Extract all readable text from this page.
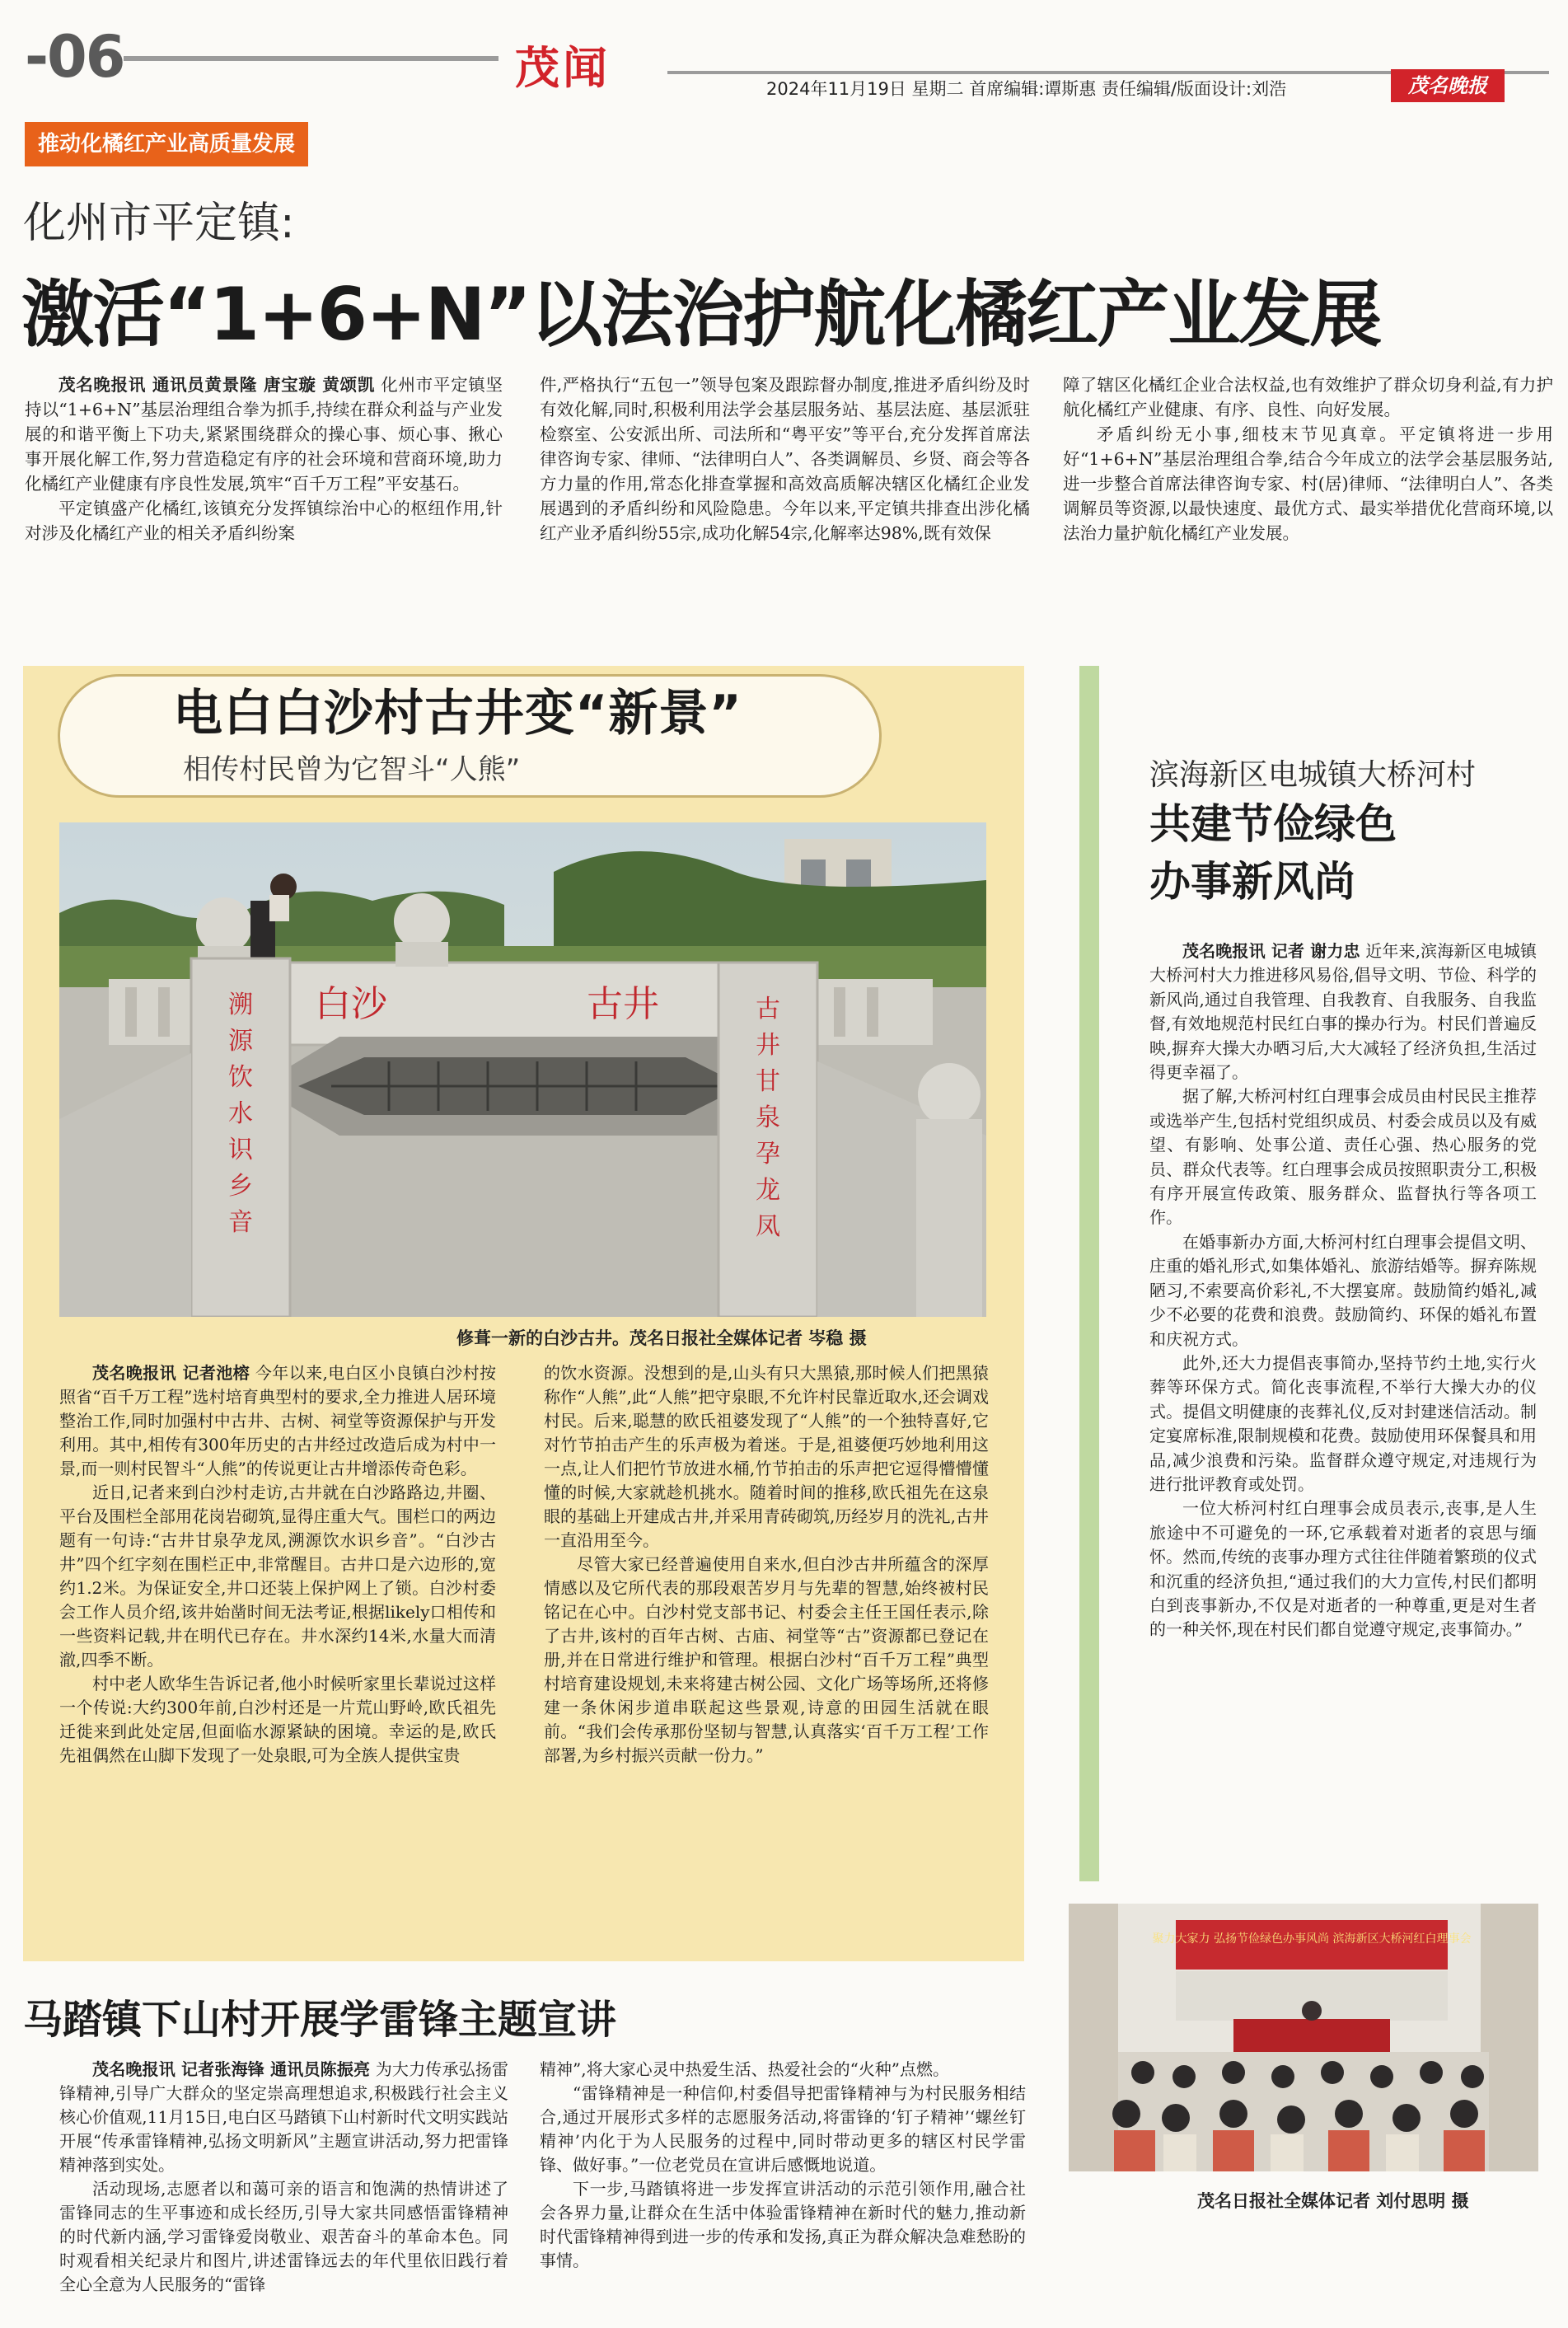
-06	茂闻	2024年11月19日 星期二 首席编辑:谭斯惠 责任编辑/版面设计:刘浩	茂名晚报
推动化橘红产业高质量发展
化州市平定镇:
激活“1+6+N”以法治护航化橘红产业发展

茂名晚报讯 通讯员黄景隆 唐宝璇 黄颂凯 化州市平定镇坚持以“1+6+N”基层治理组合拳为抓手,持续在群众利益与产业发展的和谐平衡上下功夫,紧紧围绕群众的操心事、烦心事、揪心事开展化解工作,努力营造稳定有序的社会环境和营商环境,助力化橘红产业健康有序良性发展,筑牢“百千万工程”平安基石。

平定镇盛产化橘红,该镇充分发挥镇综治中心的枢纽作用,针对涉及化橘红产业的相关矛盾纠纷案

件,严格执行“五包一”领导包案及跟踪督办制度,推进矛盾纠纷及时有效化解,同时,积极利用法学会基层服务站、基层法庭、基层派驻检察室、公安派出所、司法所和“粤平安”等平台,充分发挥首席法律咨询专家、律师、“法律明白人”、各类调解员、乡贤、商会等各方力量的作用,常态化排查掌握和高效高质解决辖区化橘红企业发展遇到的矛盾纠纷和风险隐患。今年以来,平定镇共排查出涉化橘红产业矛盾纠纷55宗,成功化解54宗,化解率达98%,既有效保

障了辖区化橘红企业合法权益,也有效维护了群众切身利益,有力护航化橘红产业健康、有序、良性、向好发展。

矛盾纠纷无小事,细枝末节见真章。平定镇将进一步用好“1+6+N”基层治理组合拳,结合今年成立的法学会基层服务站,进一步整合首席法律咨询专家、村(居)律师、“法律明白人”、各类调解员等资源,以最快速度、最优方式、最实举措优化营商环境,以法治力量护航化橘红产业发展。

电白白沙村古井变“新景”
相传村民曾为它智斗“人熊”
白沙	古井
溯源饮水识乡音
古井甘泉孕龙凤
修葺一新的白沙古井。茂名日报社全媒体记者 岑稳 摄

茂名晚报讯 记者池榕 今年以来,电白区小良镇白沙村按照省“百千万工程”选村培育典型村的要求,全力推进人居环境整治工作,同时加强村中古井、古树、祠堂等资源保护与开发利用。其中,相传有300年历史的古井经过改造后成为村中一景,而一则村民智斗“人熊”的传说更让古井增添传奇色彩。

近日,记者来到白沙村走访,古井就在白沙路路边,井圈、平台及围栏全部用花岗岩砌筑,显得庄重大气。围栏口的两边题有一句诗:“古井甘泉孕龙凤,溯源饮水识乡音”。“白沙古井”四个红字刻在围栏正中,非常醒目。古井口是六边形的,宽约1.2米。为保证安全,井口还装上保护网上了锁。白沙村委会工作人员介绍,该井始凿时间无法考证,根据likely口相传和一些资料记载,井在明代已存在。井水深约14米,水量大而清澈,四季不断。

村中老人欧华生告诉记者,他小时候听家里长辈说过这样一个传说:大约300年前,白沙村还是一片荒山野岭,欧氏祖先迁徙来到此处定居,但面临水源紧缺的困境。幸运的是,欧氏先祖偶然在山脚下发现了一处泉眼,可为全族人提供宝贵

的饮水资源。没想到的是,山头有只大黑猿,那时候人们把黑猿称作“人熊”,此“人熊”把守泉眼,不允许村民靠近取水,还会调戏村民。后来,聪慧的欧氏祖婆发现了“人熊”的一个独特喜好,它对竹节拍击产生的乐声极为着迷。于是,祖婆便巧妙地利用这一点,让人们把竹节放进水桶,竹节拍击的乐声把它逗得懵懵懂懂的时候,大家就趁机挑水。随着时间的推移,欧氏祖先在这泉眼的基础上开建成古井,并采用青砖砌筑,历经岁月的洗礼,古井一直沿用至今。

尽管大家已经普遍使用自来水,但白沙古井所蕴含的深厚情感以及它所代表的那段艰苦岁月与先辈的智慧,始终被村民铭记在心中。白沙村党支部书记、村委会主任王国任表示,除了古井,该村的百年古树、古庙、祠堂等“古”资源都已登记在册,并在日常进行维护和管理。根据白沙村“百千万工程”典型村培育建设规划,未来将建古树公园、文化广场等场所,还将修建一条休闲步道串联起这些景观,诗意的田园生活就在眼前。“我们会传承那份坚韧与智慧,认真落实‘百千万工程’工作部署,为乡村振兴贡献一份力。”

滨海新区电城镇大桥河村
共建节俭绿色
办事新风尚

茂名晚报讯 记者 谢力忠 近年来,滨海新区电城镇大桥河村大力推进移风易俗,倡导文明、节俭、科学的新风尚,通过自我管理、自我教育、自我服务、自我监督,有效地规范村民红白事的操办行为。村民们普遍反映,摒弃大操大办晒习后,大大减轻了经济负担,生活过得更幸福了。

据了解,大桥河村红白理事会成员由村民民主推荐或选举产生,包括村党组织成员、村委会成员以及有威望、有影响、处事公道、责任心强、热心服务的党员、群众代表等。红白理事会成员按照职责分工,积极有序开展宣传政策、服务群众、监督执行等各项工作。

在婚事新办方面,大桥河村红白理事会提倡文明、庄重的婚礼形式,如集体婚礼、旅游结婚等。摒弃陈规陋习,不索要高价彩礼,不大摆宴席。鼓励简约婚礼,减少不必要的花费和浪费。鼓励简约、环保的婚礼布置和庆祝方式。

此外,还大力提倡丧事简办,坚持节约土地,实行火葬等环保方式。简化丧事流程,不举行大操大办的仪式。提倡文明健康的丧葬礼仪,反对封建迷信活动。制定宴席标准,限制规模和花费。鼓励使用环保餐具和用品,减少浪费和污染。监督群众遵守规定,对违规行为进行批评教育或处罚。

一位大桥河村红白理事会成员表示,丧事,是人生旅途中不可避免的一环,它承载着对逝者的哀思与缅怀。然而,传统的丧事办理方式往往伴随着繁琐的仪式和沉重的经济负担,“通过我们的大力宣传,村民们都明白到丧事新办,不仅是对逝者的一种尊重,更是对生者的一种关怀,现在村民们都自觉遵守规定,丧事简办。”

聚力大家力 弘扬节俭绿色办事风尚 滨海新区大桥河红白理事会
茂名日报社全媒体记者 刘付思明 摄
马踏镇下山村开展学雷锋主题宣讲

茂名晚报讯 记者张海锋 通讯员陈振亮 为大力传承弘扬雷锋精神,引导广大群众的坚定崇高理想追求,积极践行社会主义核心价值观,11月15日,电白区马踏镇下山村新时代文明实践站开展“传承雷锋精神,弘扬文明新风”主题宣讲活动,努力把雷锋精神落到实处。

活动现场,志愿者以和蔼可亲的语言和饱满的热情讲述了雷锋同志的生平事迹和成长经历,引导大家共同感悟雷锋精神的时代新内涵,学习雷锋爱岗敬业、艰苦奋斗的革命本色。同时观看相关纪录片和图片,讲述雷锋远去的年代里依旧践行着全心全意为人民服务的“雷锋

精神”,将大家心灵中热爱生活、热爱社会的“火种”点燃。

“雷锋精神是一种信仰,村委倡导把雷锋精神与为村民服务相结合,通过开展形式多样的志愿服务活动,将雷锋的‘钉子精神’‘螺丝钉精神’内化于为人民服务的过程中,同时带动更多的辖区村民学雷锋、做好事。”一位老党员在宣讲后感慨地说道。

下一步,马踏镇将进一步发挥宣讲活动的示范引领作用,融合社会各界力量,让群众在生活中体验雷锋精神在新时代的魅力,推动新时代雷锋精神得到进一步的传承和发扬,真正为群众解决急难愁盼的事情。
